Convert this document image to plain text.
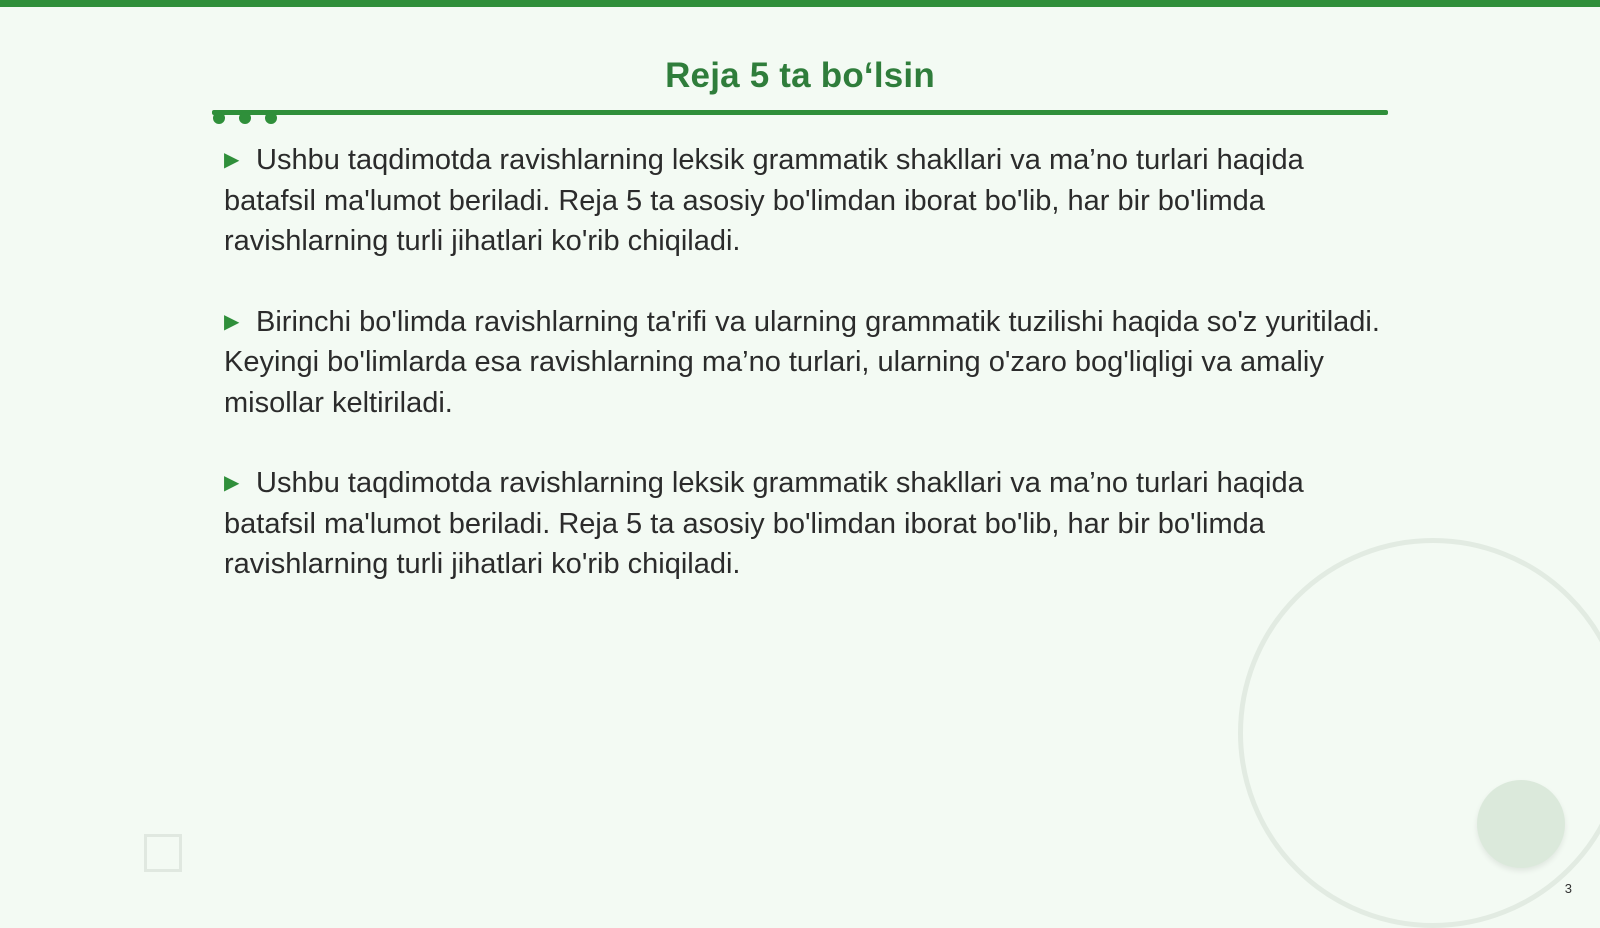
Reja 5 ta bo‘lsin

▶ Ushbu taqdimotda ravishlarning leksik grammatik shakllari va ma’no turlari haqida batafsil ma'lumot beriladi. Reja 5 ta asosiy bo'limdan iborat bo'lib, har bir bo'limda ravishlarning turli jihatlari ko'rib chiqiladi.

▶ Birinchi bo'limda ravishlarning ta'rifi va ularning grammatik tuzilishi haqida so'z yuritiladi. Keyingi bo'limlarda esa ravishlarning ma’no turlari, ularning o'zaro bog'liqligi va amaliy misollar keltiriladi.

▶ Ushbu taqdimotda ravishlarning leksik grammatik shakllari va ma’no turlari haqida batafsil ma'lumot beriladi. Reja 5 ta asosiy bo'limdan iborat bo'lib, har bir bo'limda ravishlarning turli jihatlari ko'rib chiqiladi.

3
